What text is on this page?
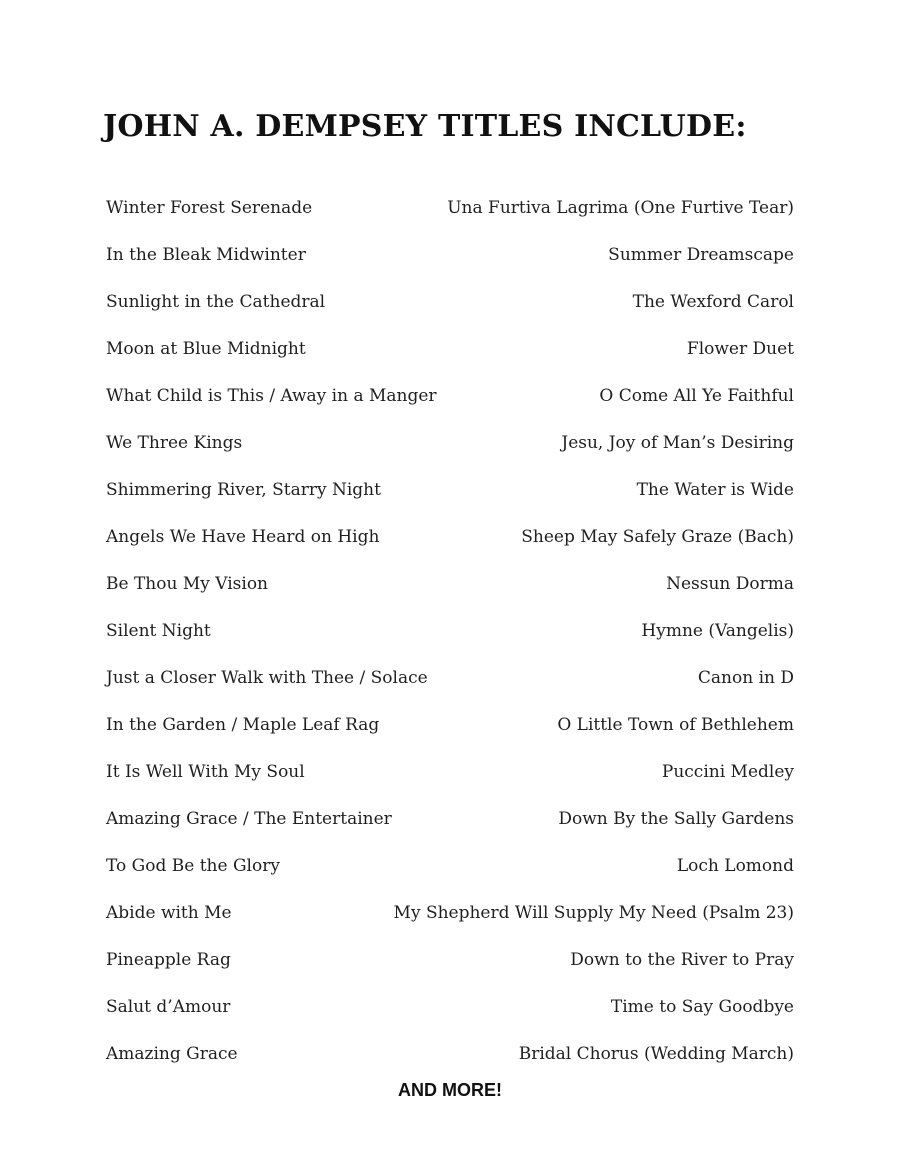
JOHN A. DEMPSEY TITLES INCLUDE:
Winter Forest Serenade	Una Furtiva Lagrima (One Furtive Tear)
In the Bleak Midwinter	Summer Dreamscape
Sunlight in the Cathedral	The Wexford Carol
Moon at Blue Midnight	Flower Duet
What Child is This / Away in a Manger	O Come All Ye Faithful
We Three Kings	Jesu, Joy of Man’s Desiring
Shimmering River, Starry Night	The Water is Wide
Angels We Have Heard on High	Sheep May Safely Graze (Bach)
Be Thou My Vision	Nessun Dorma
Silent Night	Hymne (Vangelis)
Just a Closer Walk with Thee / Solace	Canon in D
In the Garden / Maple Leaf Rag	O Little Town of Bethlehem
It Is Well With My Soul	Puccini Medley
Amazing Grace / The Entertainer	Down By the Sally Gardens
To God Be the Glory	Loch Lomond
Abide with Me	My Shepherd Will Supply My Need (Psalm 23)
Pineapple Rag	Down to the River to Pray
Salut d’Amour	Time to Say Goodbye
Amazing Grace	Bridal Chorus (Wedding March)

AND MORE!
